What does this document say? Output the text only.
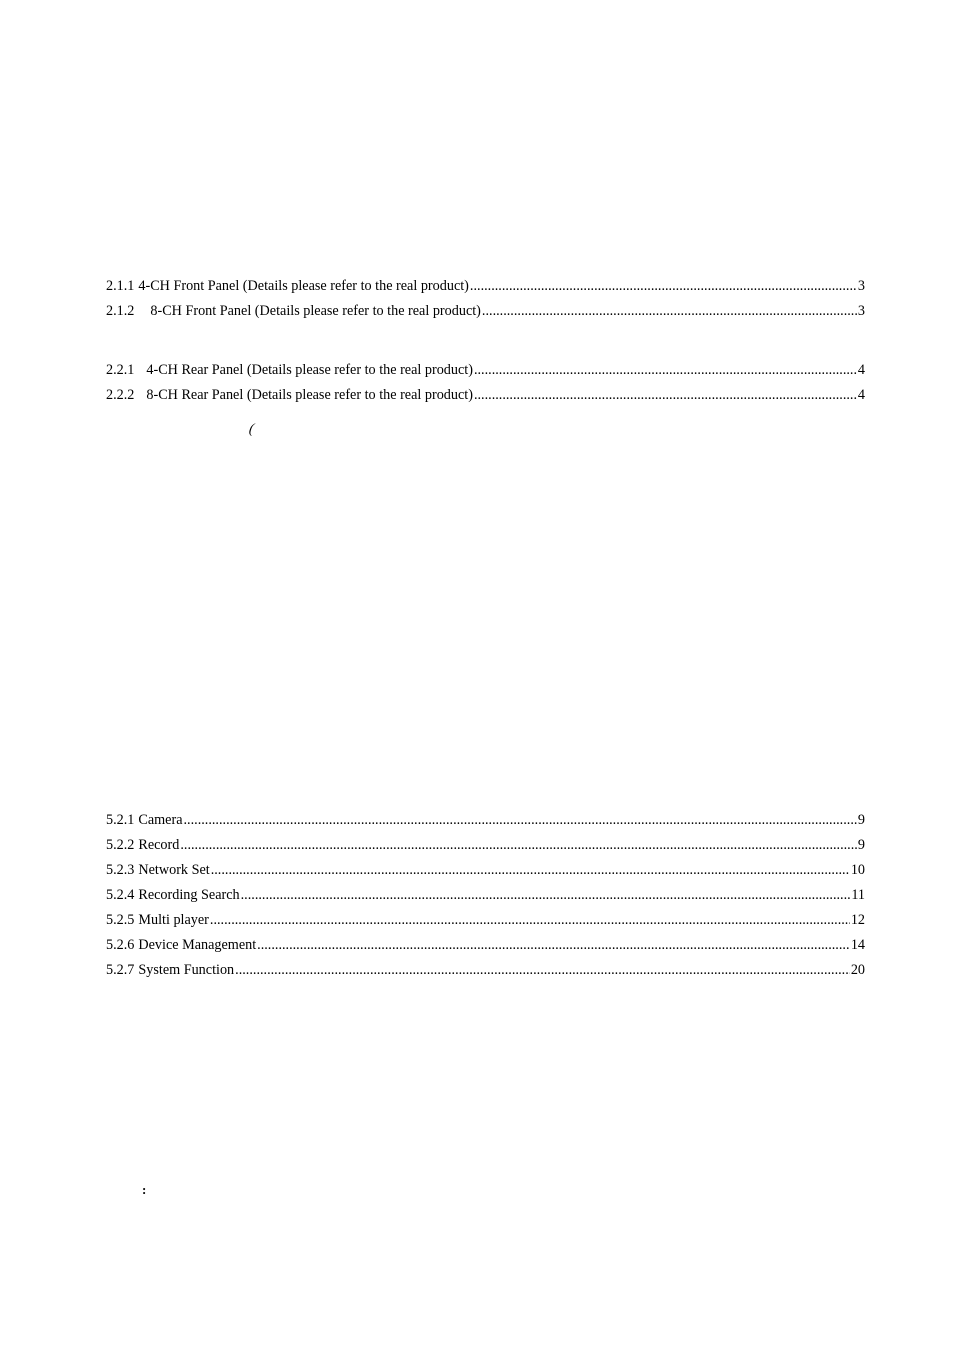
2.1.1 4-CH Front Panel (Details please refer to the real product) .....	3
2.1.2 8-CH Front Panel (Details please refer to the real product) .....	3
2.2.1 4-CH Rear Panel (Details please refer to the real product) .....	4
2.2.2 8-CH Rear Panel (Details please refer to the real product) .....	4
(
5.2.1 Camera .....	9
5.2.2 Record .....	9
5.2.3 Network Set .....	10
5.2.4 Recording Search .....	11
5.2.5 Multi player .....	12
5.2.6 Device Management .....	14
5.2.7 System Function .....	20
:
